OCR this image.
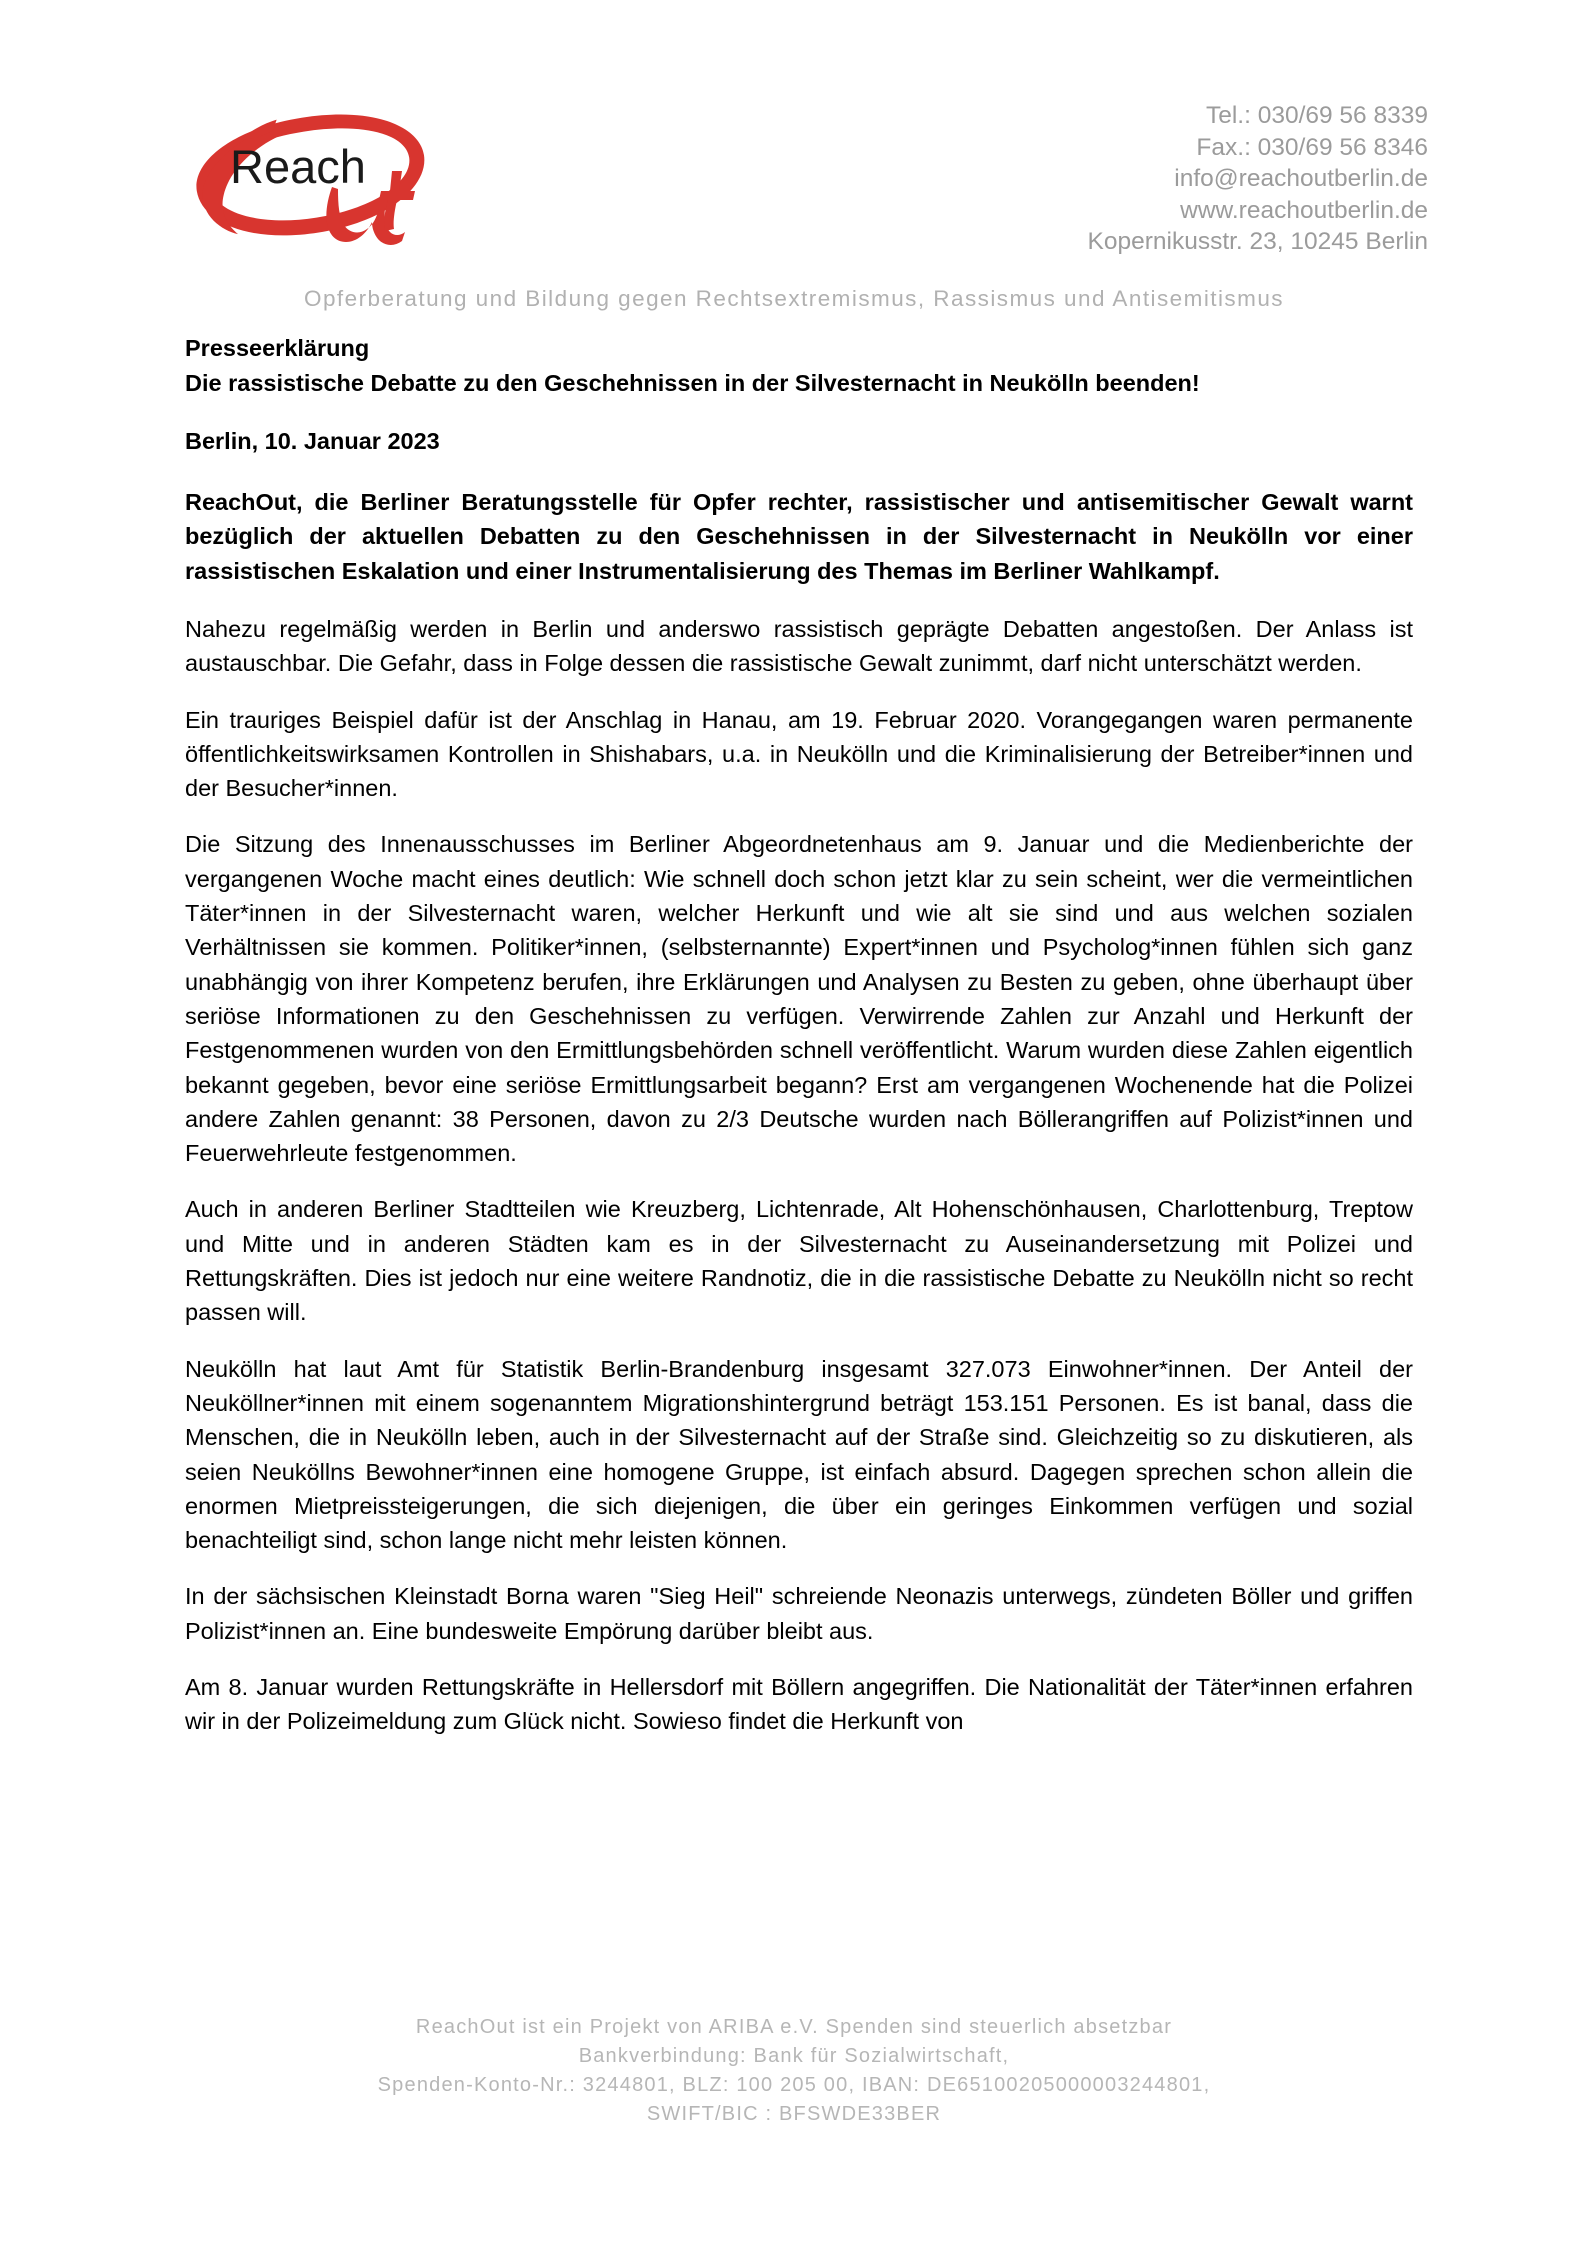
Reach
Tel.: 030/69 56 8339
Fax.: 030/69 56 8346
info@reachoutberlin.de
www.reachoutberlin.de
Kopernikusstr. 23, 10245 Berlin
Opferberatung und Bildung gegen Rechtsextremismus, Rassismus und Antisemitismus
Presseerklärung
Die rassistische Debatte zu den Geschehnissen in der Silvesternacht in Neukölln beenden!
Berlin, 10. Januar 2023

ReachOut, die Berliner Beratungsstelle für Opfer rechter, rassistischer und antisemitischer Gewalt warnt bezüglich der aktuellen Debatten zu den Geschehnissen in der Silvesternacht in Neukölln vor einer rassistischen Eskalation und einer Instrumentalisierung des Themas im Berliner Wahlkampf.

Nahezu regelmäßig werden in Berlin und anderswo rassistisch geprägte Debatten angestoßen. Der Anlass ist austauschbar. Die Gefahr, dass in Folge dessen die rassistische Gewalt zunimmt, darf nicht unterschätzt werden.

Ein trauriges Beispiel dafür ist der Anschlag in Hanau, am 19. Februar 2020. Vorangegangen waren permanente öffentlichkeitswirksamen Kontrollen in Shishabars, u.a. in Neukölln und die Kriminalisierung der Betreiber*innen und der Besucher*innen.

Die Sitzung des Innenausschusses im Berliner Abgeordnetenhaus am 9. Januar und die Medienberichte der vergangenen Woche macht eines deutlich: Wie schnell doch schon jetzt klar zu sein scheint, wer die vermeintlichen Täter*innen in der Silvesternacht waren, welcher Herkunft und wie alt sie sind und aus welchen sozialen Verhältnissen sie kommen. Politiker*innen, (selbsternannte) Expert*innen und Psycholog*innen fühlen sich ganz unabhängig von ihrer Kompetenz berufen, ihre Erklärungen und Analysen zu Besten zu geben, ohne überhaupt über seriöse Informationen zu den Geschehnissen zu verfügen. Verwirrende Zahlen zur Anzahl und Herkunft der Festgenommenen wurden von den Ermittlungsbehörden schnell veröffentlicht. Warum wurden diese Zahlen eigentlich bekannt gegeben, bevor eine seriöse Ermittlungsarbeit begann? Erst am vergangenen Wochenende hat die Polizei andere Zahlen genannt: 38 Personen, davon zu 2/3 Deutsche wurden nach Böllerangriffen auf Polizist*innen und Feuerwehrleute festgenommen.

Auch in anderen Berliner Stadtteilen wie Kreuzberg, Lichtenrade, Alt Hohenschönhausen, Charlottenburg, Treptow und Mitte und in anderen Städten kam es in der Silvesternacht zu Auseinandersetzung mit Polizei und Rettungskräften. Dies ist jedoch nur eine weitere Randnotiz, die in die rassistische Debatte zu Neukölln nicht so recht passen will.

Neukölln hat laut Amt für Statistik Berlin-Brandenburg insgesamt 327.073 Einwohner*innen. Der Anteil der Neuköllner*innen mit einem sogenanntem Migrationshintergrund beträgt 153.151 Personen. Es ist banal, dass die Menschen, die in Neukölln leben, auch in der Silvesternacht auf der Straße sind. Gleichzeitig so zu diskutieren, als seien Neuköllns Bewohner*innen eine homogene Gruppe, ist einfach absurd. Dagegen sprechen schon allein die enormen Mietpreissteigerungen, die sich diejenigen, die über ein geringes Einkommen verfügen und sozial benachteiligt sind, schon lange nicht mehr leisten können.

In der sächsischen Kleinstadt Borna waren "Sieg Heil" schreiende Neonazis unterwegs, zündeten Böller und griffen Polizist*innen an. Eine bundesweite Empörung darüber bleibt aus.

Am 8. Januar wurden Rettungskräfte in Hellersdorf mit Böllern angegriffen. Die Nationalität der Täter*innen erfahren wir in der Polizeimeldung zum Glück nicht. Sowieso findet die Herkunft von

ReachOut ist ein Projekt von ARIBA e.V. Spenden sind steuerlich absetzbar
Bankverbindung: Bank für Sozialwirtschaft,
Spenden-Konto-Nr.: 3244801, BLZ: 100 205 00, IBAN: DE65100205000003244801,
SWIFT/BIC : BFSWDE33BER
